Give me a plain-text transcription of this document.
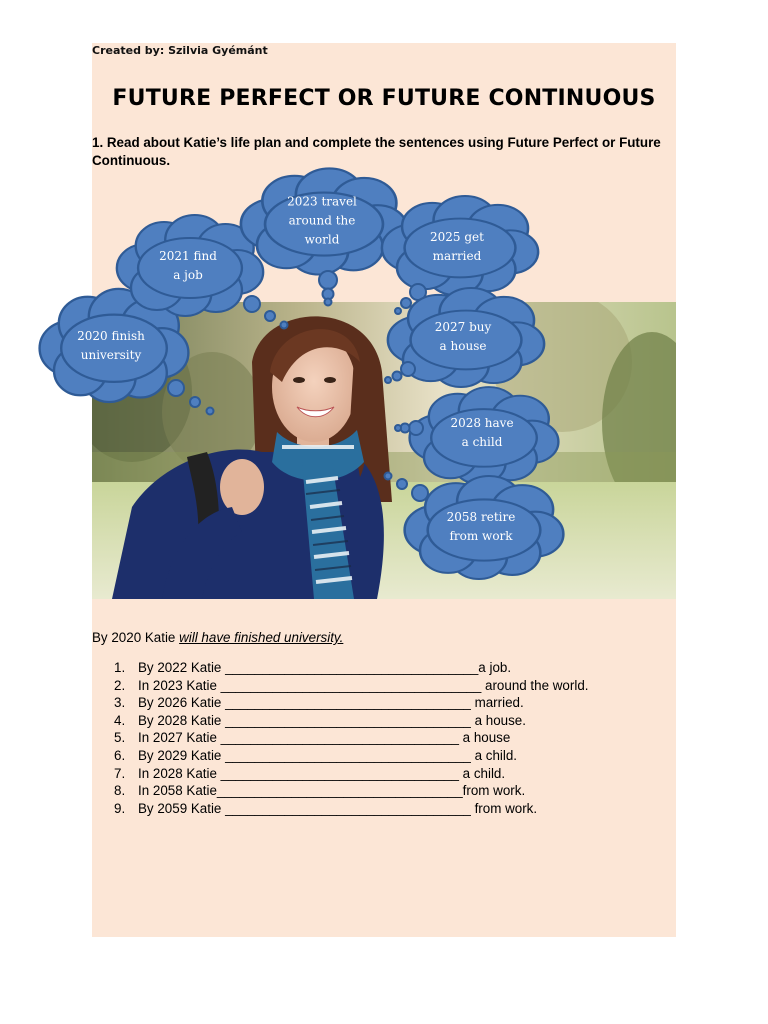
Created by: Szilvia Gyémánt
FUTURE PERFECT OR FUTURE CONTINUOUS
1. Read about Katie’s life plan and complete the sentences using Future Perfect or Future Continuous.
2020 finish
university
2021 find
a job
2023 travel
around the
world	2025 get
married
2027 buy
a house
2028 have
a child
2058 retire
from work
By 2020 Katie will have finished university.
1. By 2022 Katie __________________________________a job.
2. In 2023 Katie ___________________________________ around the world.
3. By 2026 Katie _________________________________ married.
4. By 2028 Katie _________________________________ a house.
5. In 2027 Katie ________________________________ a house
6. By 2029 Katie _________________________________ a child.
7. In 2028 Katie ________________________________ a child.
8. In 2058 Katie_________________________________from work.
9. By 2059 Katie _________________________________ from work.
